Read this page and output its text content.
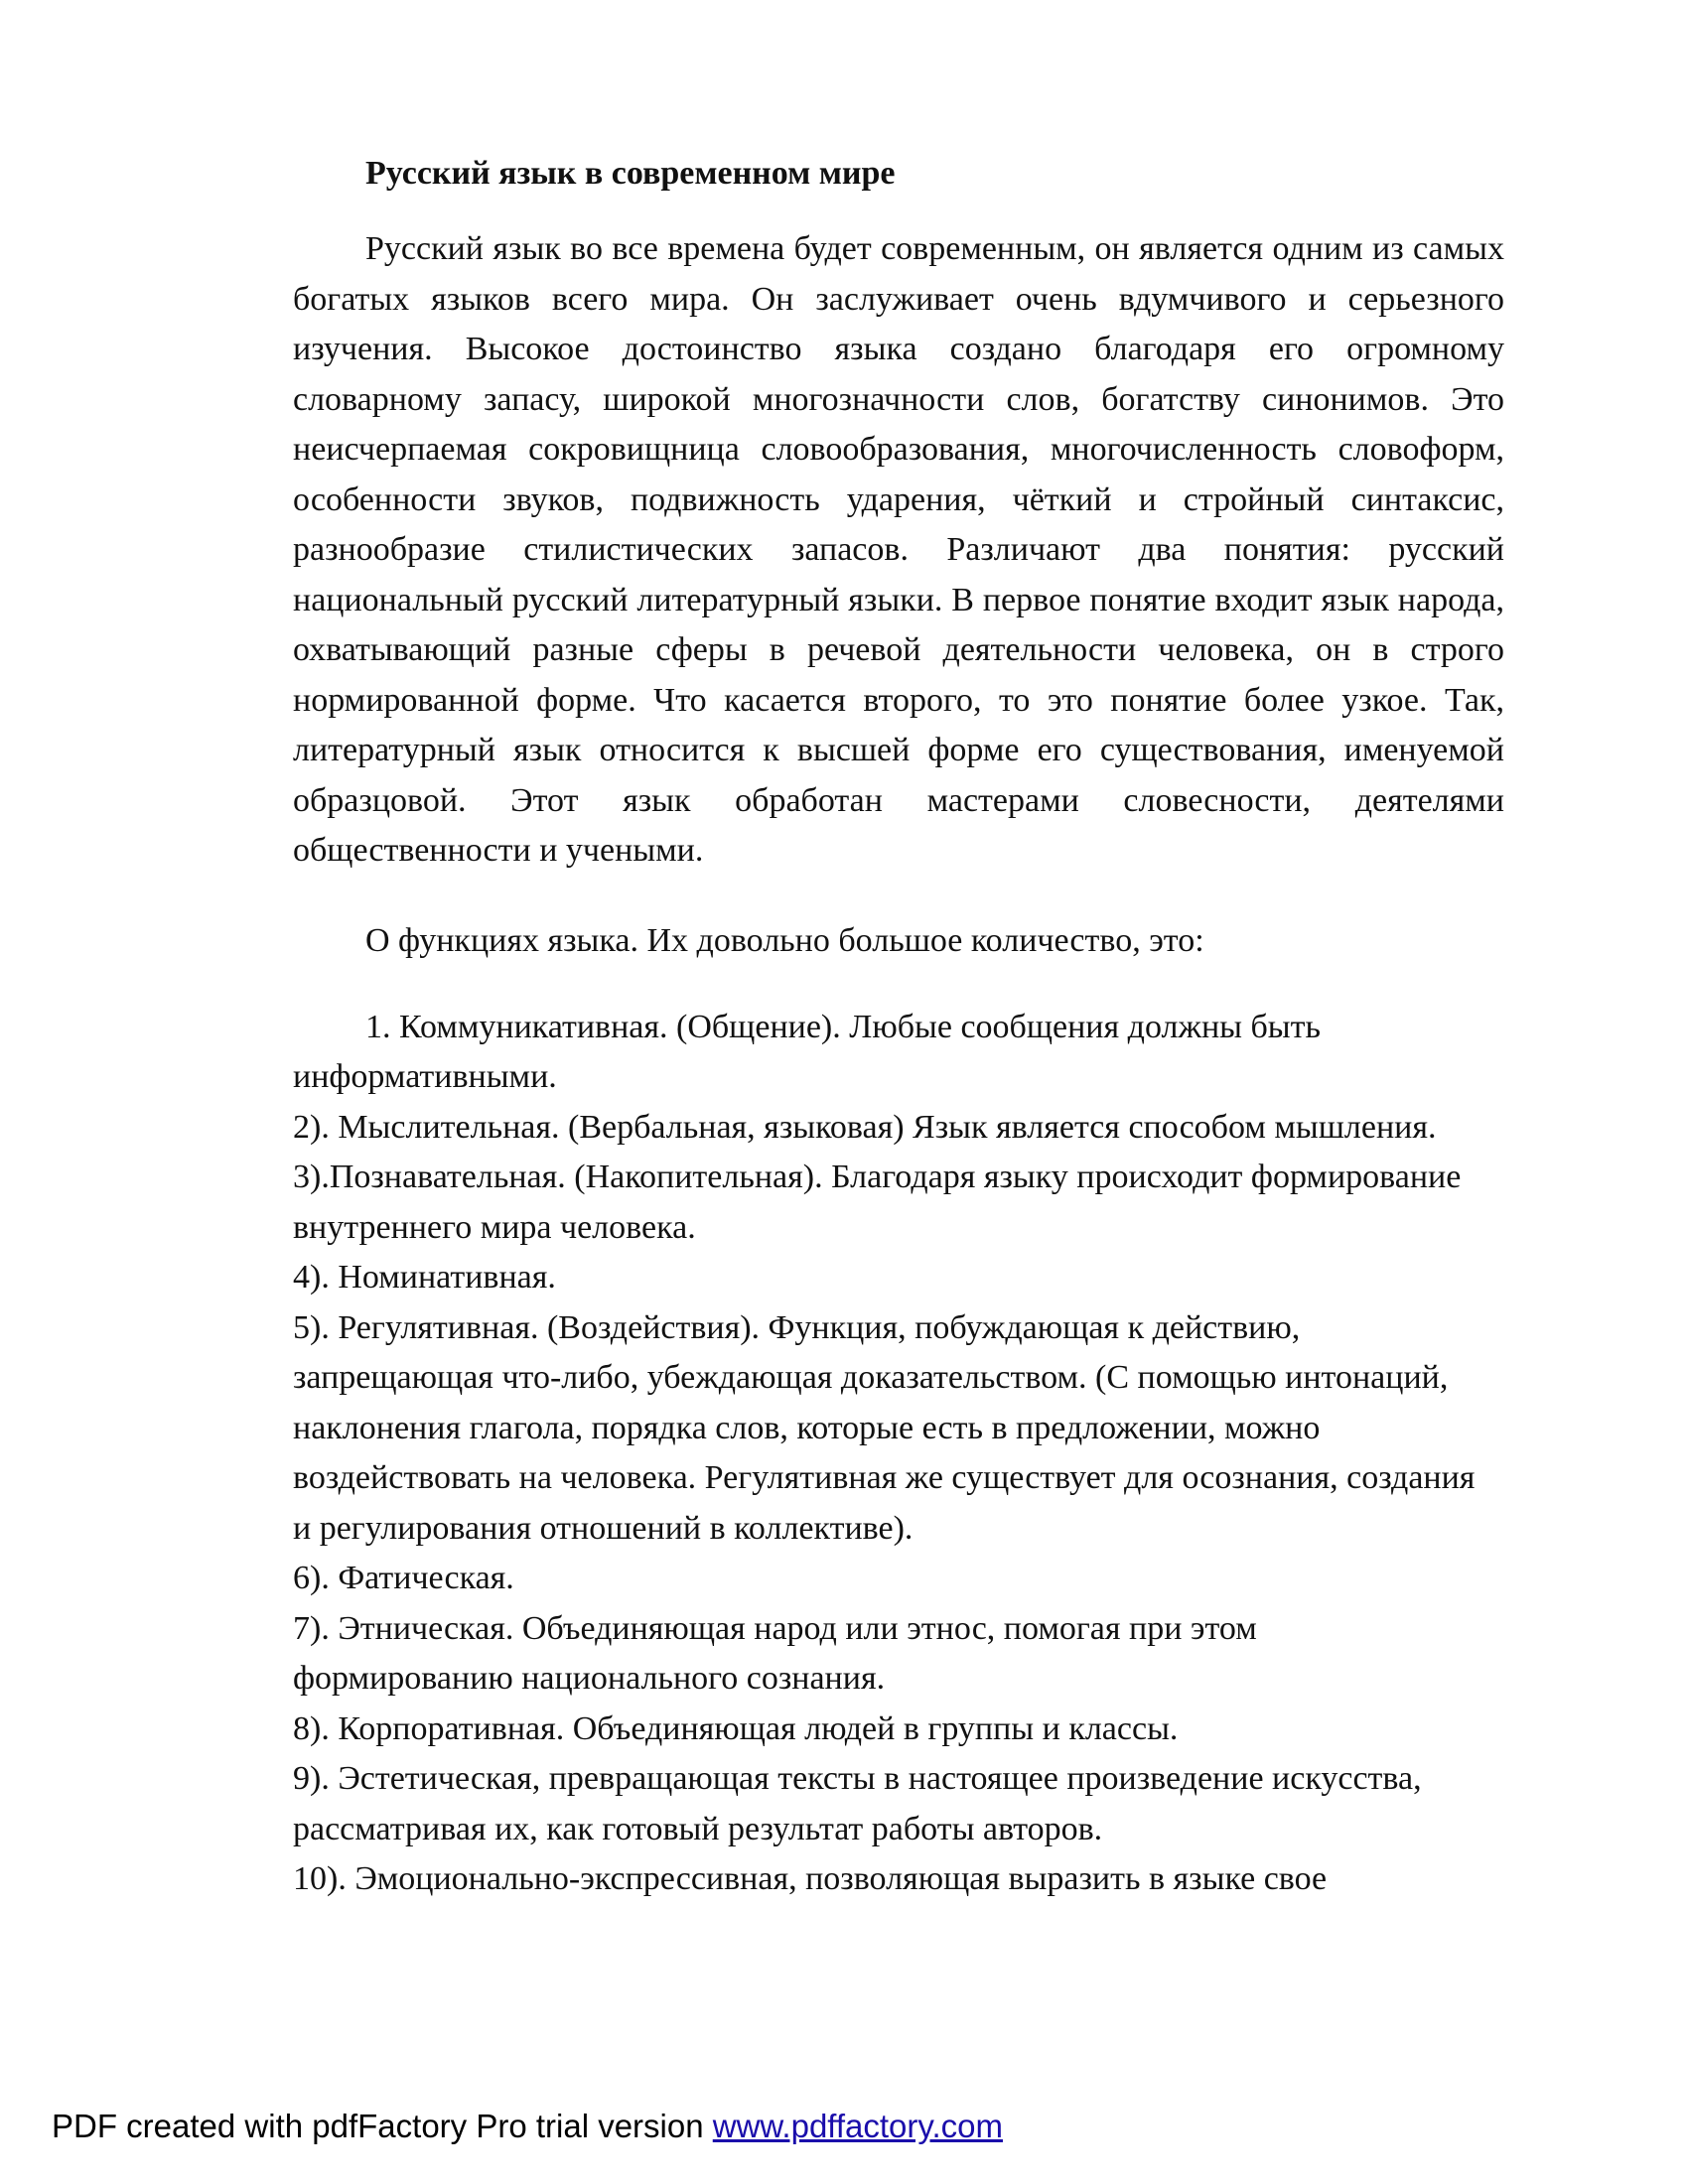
Русский язык в современном мире

Русский язык во все времена будет современным, он является одним из самых богатых языков всего мира. Он заслуживает очень вдумчивого и серьезного изучения. Высокое достоинство языка создано благодаря его огромному словарному запасу, широкой многозначности слов, богатству синонимов. Это неисчерпаемая сокровищница словообразования, многочисленность словоформ, особенности звуков, подвижность ударения, чёткий и стройный синтаксис, разнообразие стилистических запасов. Различают два понятия: русский национальный русский литературный языки. В первое понятие входит язык народа, охватывающий разные сферы в речевой деятельности человека, он в строго нормированной форме. Что касается второго, то это понятие более узкое. Так, литературный язык относится к высшей форме его существования, именуемой образцовой. Этот язык обработан мастерами словесности, деятелями общественности и учеными.

О функциях языка. Их довольно большое количество, это:

1. Коммуникативная. (Общение). Любые сообщения должны быть информативными.

2). Мыслительная. (Вербальная, языковая) Язык является способом мышления.

3).Познавательная. (Накопительная). Благодаря языку происходит формирование внутреннего мира человека.

4). Номинативная.

5). Регулятивная. (Воздействия). Функция, побуждающая к действию, запрещающая что-либо, убеждающая доказательством. (С помощью интонаций, наклонения глагола, порядка слов, которые есть в предложении, можно воздействовать на человека. Регулятивная же существует для осознания, создания и регулирования отношений в коллективе).

6). Фатическая.

7). Этническая. Объединяющая народ или этнос, помогая при этом формированию национального сознания.

8). Корпоративная. Объединяющая людей в группы и классы.

9). Эстетическая, превращающая тексты в настоящее произведение искусства, рассматривая их, как готовый результат работы авторов.

10). Эмоционально-экспрессивная, позволяющая выразить в языке свое

PDF created with pdfFactory Pro trial version www.pdffactory.com
